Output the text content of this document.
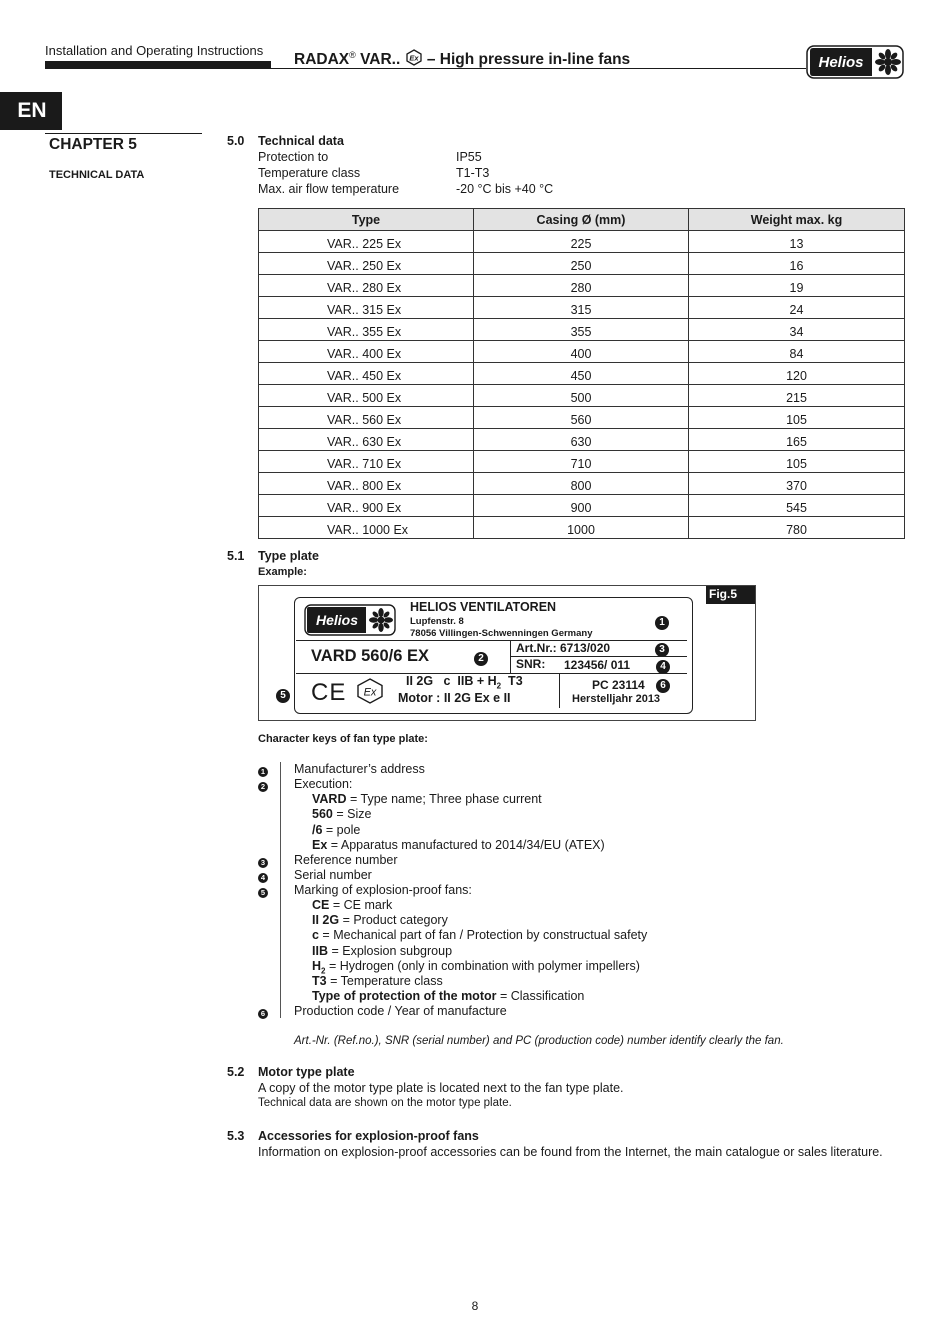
Installation and Operating Instructions
RADAX® VAR.. Ex – High pressure in-line fans	Helios
EN
CHAPTER 5
TECHNICAL DATA
5.0 Technical data
Protection to	IP55
Temperature class	T1-T3
Max. air flow temperature	-20 °C bis +40 °C
Type	Casing Ø (mm)	Weight max. kg
VAR.. 225 Ex	225	13
VAR.. 250 Ex	250	16
VAR.. 280 Ex	280	19
VAR.. 315 Ex	315	24
VAR.. 355 Ex	355	34
VAR.. 400 Ex	400	84
VAR.. 450 Ex	450	120
VAR.. 500 Ex	500	215
VAR.. 560 Ex	560	105
VAR.. 630 Ex	630	165
VAR.. 710 Ex	710	105
VAR.. 800 Ex	800	370
VAR.. 900 Ex	900	545
VAR.. 1000 Ex	1000	780
5.1 Type plate
Example:
Fig.5
Helios
HELIOS VENTILATOREN
Lupfenstr. 8
78056 Villingen-Schwenningen Germany
1
VARD 560/6 EX	2
Art.Nr.: 6713/020	3
SNR: 123456/ 011	4
5 CE Ex
II 2G   c  IIB + $H_2$  T3
Motor : II 2G Ex e II
PC 23114	6
Herstelljahr 2013
Character keys of fan type plate:
1 Manufacturer’s address
2 Execution:
VARD = Type name; Three phase current
560 = Size
/6 = pole
Ex = Apparatus manufactured to 2014/34/EU (ATEX)
3 Reference number
4 Serial number
5 Marking of explosion-proof fans:
CE = CE mark
II 2G = Product category
c = Mechanical part of fan / Protection by constructual safety
IIB = Explosion subgroup
$H_2$ = Hydrogen (only in combination with polymer impellers)
T3 = Temperature class
Type of protection of the motor = Classification
6 Production code / Year of manufacture
Art.-Nr. (Ref.no.), SNR (serial number) and PC (production code) number identify clearly the fan.
5.2 Motor type plate
A copy of the motor type plate is located next to the fan type plate.
Technical data are shown on the motor type plate.
5.3 Accessories for explosion-proof fans
Information on explosion-proof accessories can be found from the Internet, the main catalogue or sales literature.
8
